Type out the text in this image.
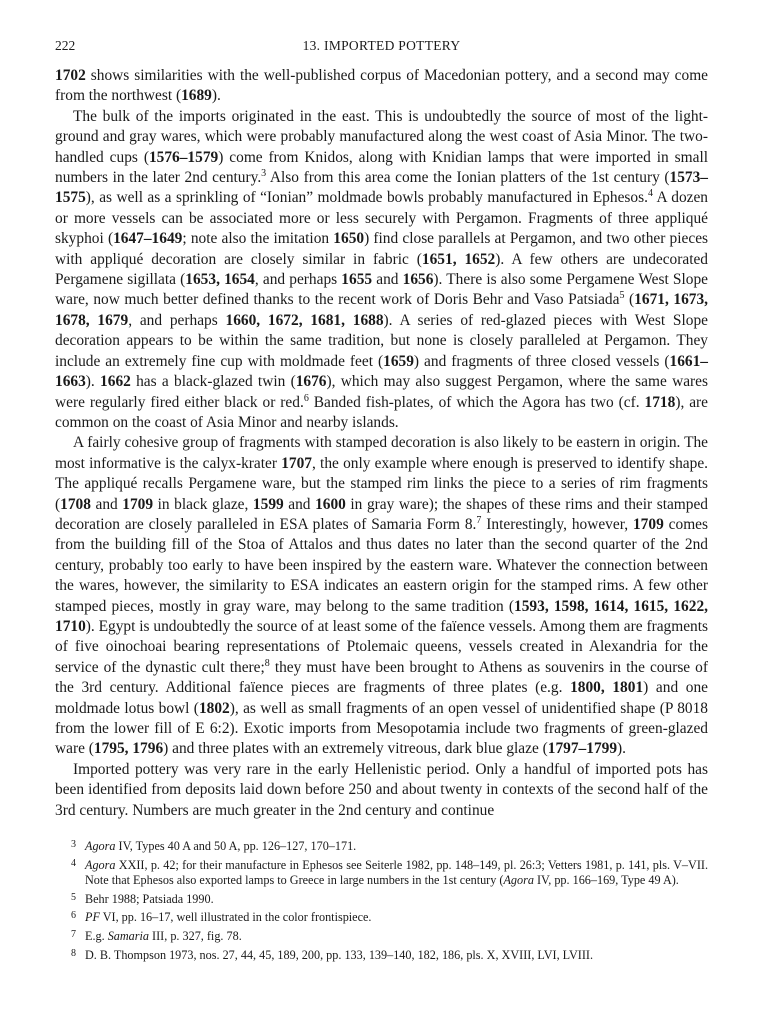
222	13. IMPORTED POTTERY

1702 shows similarities with the well-published corpus of Macedonian pottery, and a second may come from the northwest (1689).

The bulk of the imports originated in the east. This is undoubtedly the source of most of the light-ground and gray wares, which were probably manufactured along the west coast of Asia Minor. The two-handled cups (1576–1579) come from Knidos, along with Knidian lamps that were imported in small numbers in the later 2nd century.$^3$ Also from this area come the Ionian platters of the 1st century (1573–1575), as well as a sprinkling of “Ionian” moldmade bowls probably manufactured in Ephesos.$^4$ A dozen or more vessels can be associated more or less securely with Pergamon. Fragments of three appliqué skyphoi (1647–1649; note also the imitation 1650) find close parallels at Pergamon, and two other pieces with appliqué decoration are closely similar in fabric (1651, 1652). A few others are undecorated Pergamene sigillata (1653, 1654, and perhaps 1655 and 1656). There is also some Pergamene West Slope ware, now much better defined thanks to the recent work of Doris Behr and Vaso Patsiada$^5$ (1671, 1673, 1678, 1679, and perhaps 1660, 1672, 1681, 1688). A series of red-glazed pieces with West Slope decoration appears to be within the same tradition, but none is closely paralleled at Pergamon. They include an extremely fine cup with moldmade feet (1659) and fragments of three closed vessels (1661–1663). 1662 has a black-glazed twin (1676), which may also suggest Pergamon, where the same wares were regularly fired either black or red.$^6$ Banded fish-plates, of which the Agora has two (cf. 1718), are common on the coast of Asia Minor and nearby islands.

A fairly cohesive group of fragments with stamped decoration is also likely to be eastern in origin. The most informative is the calyx-krater 1707, the only example where enough is preserved to identify shape. The appliqué recalls Pergamene ware, but the stamped rim links the piece to a series of rim fragments (1708 and 1709 in black glaze, 1599 and 1600 in gray ware); the shapes of these rims and their stamped decoration are closely paralleled in ESA plates of Samaria Form 8.$^7$ Interestingly, however, 1709 comes from the building fill of the Stoa of Attalos and thus dates no later than the second quarter of the 2nd century, probably too early to have been inspired by the eastern ware. Whatever the connection between the wares, however, the similarity to ESA indicates an eastern origin for the stamped rims. A few other stamped pieces, mostly in gray ware, may belong to the same tradition (1593, 1598, 1614, 1615, 1622, 1710). Egypt is undoubtedly the source of at least some of the faïence vessels. Among them are fragments of five oinochoai bearing representations of Ptolemaic queens, vessels created in Alexandria for the service of the dynastic cult there;$^8$ they must have been brought to Athens as souvenirs in the course of the 3rd century. Additional faïence pieces are fragments of three plates (e.g. 1800, 1801) and one moldmade lotus bowl (1802), as well as small fragments of an open vessel of unidentified shape (P 8018 from the lower fill of E 6:2). Exotic imports from Mesopotamia include two fragments of green-glazed ware (1795, 1796) and three plates with an extremely vitreous, dark blue glaze (1797–1799).

Imported pottery was very rare in the early Hellenistic period. Only a handful of imported pots has been identified from deposits laid down before 250 and about twenty in contexts of the second half of the 3rd century. Numbers are much greater in the 2nd century and continue

3 Agora IV, Types 40 A and 50 A, pp. 126–127, 170–171.

4 Agora XXII, p. 42; for their manufacture in Ephesos see Seiterle 1982, pp. 148–149, pl. 26:3; Vetters 1981, p. 141, pls. V–VII. Note that Ephesos also exported lamps to Greece in large numbers in the 1st century (Agora IV, pp. 166–169, Type 49 A).

5 Behr 1988; Patsiada 1990.

6 PF VI, pp. 16–17, well illustrated in the color frontispiece.

7 E.g. Samaria III, p. 327, fig. 78.

8 D. B. Thompson 1973, nos. 27, 44, 45, 189, 200, pp. 133, 139–140, 182, 186, pls. X, XVIII, LVI, LVIII.
